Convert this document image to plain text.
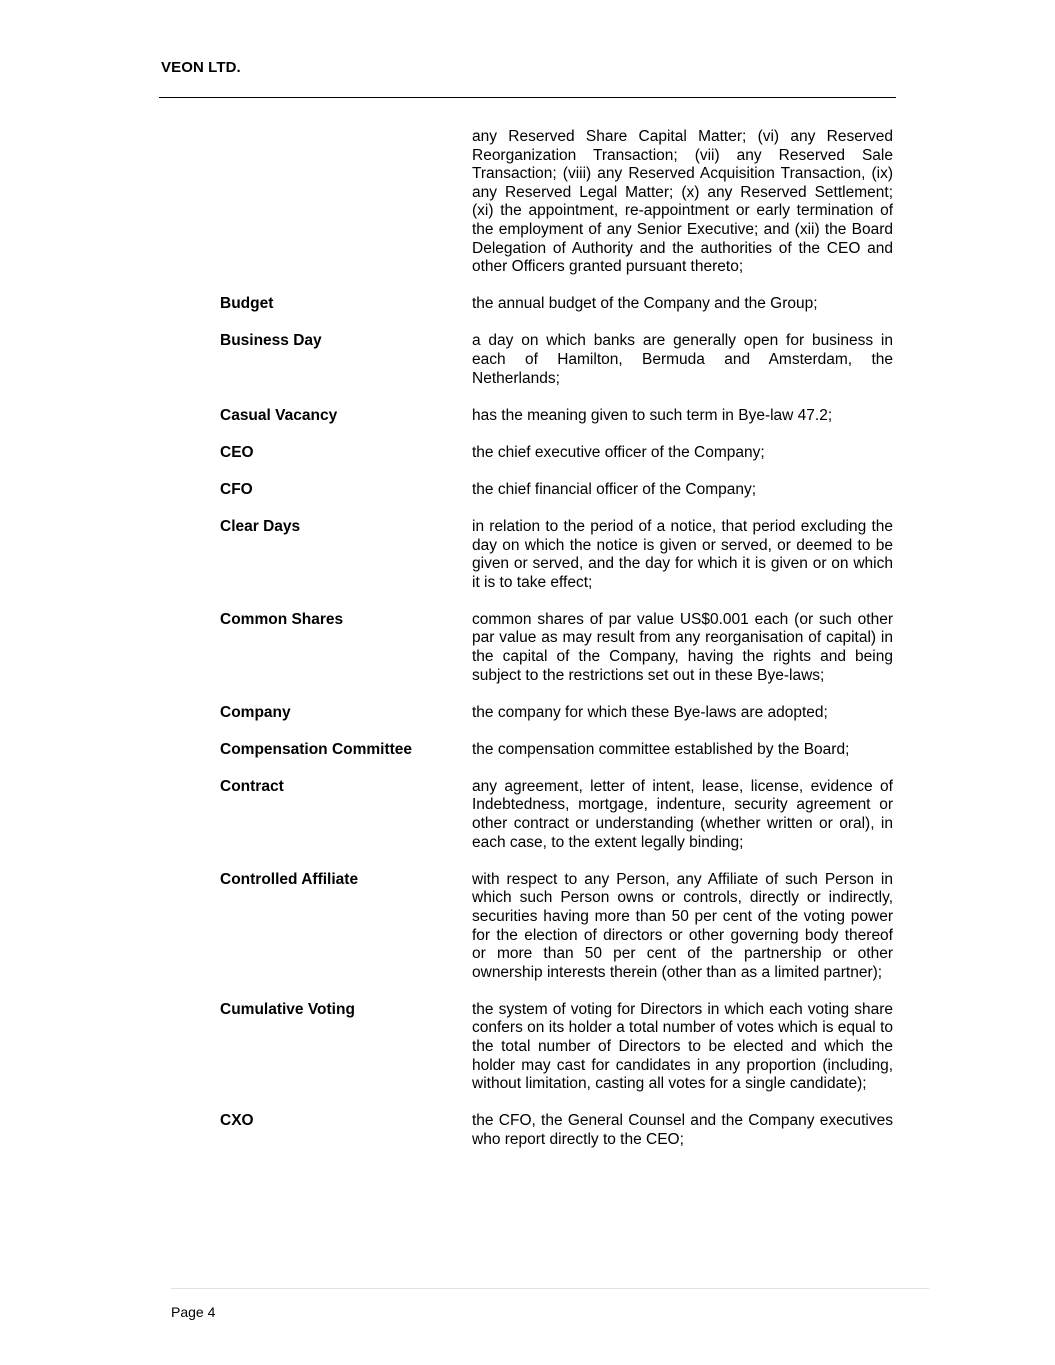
VEON LTD.
any Reserved Share Capital Matter; (vi) any Reserved Reorganization Transaction; (vii) any Reserved Sale Transaction; (viii) any Reserved Acquisition Transaction, (ix) any Reserved Legal Matter; (x) any Reserved Settlement; (xi) the appointment, re-appointment or early termination of the employment of any Senior Executive; and (xii) the Board Delegation of Authority and the authorities of the CEO and other Officers granted pursuant thereto;
Budget	the annual budget of the Company and the Group;
Business Day	a day on which banks are generally open for business in each of Hamilton, Bermuda and Amsterdam, the Netherlands;
Casual Vacancy	has the meaning given to such term in Bye-law 47.2;
CEO	the chief executive officer of the Company;
CFO	the chief financial officer of the Company;
Clear Days	in relation to the period of a notice, that period excluding the day on which the notice is given or served, or deemed to be given or served, and the day for which it is given or on which it is to take effect;
Common Shares	common shares of par value US$0.001 each (or such other par value as may result from any reorganisation of capital) in the capital of the Company, having the rights and being subject to the restrictions set out in these Bye-laws;
Company	the company for which these Bye-laws are adopted;
Compensation Committee	the compensation committee established by the Board;
Contract	any agreement, letter of intent, lease, license, evidence of Indebtedness, mortgage, indenture, security agreement or other contract or understanding (whether written or oral), in each case, to the extent legally binding;
Controlled Affiliate	with respect to any Person, any Affiliate of such Person in which such Person owns or controls, directly or indirectly, securities having more than 50 per cent of the voting power for the election of directors or other governing body thereof or more than 50 per cent of the partnership or other ownership interests therein (other than as a limited partner);
Cumulative Voting	the system of voting for Directors in which each voting share confers on its holder a total number of votes which is equal to the total number of Directors to be elected and which the holder may cast for candidates in any proportion (including, without limitation, casting all votes for a single candidate);
CXO	the CFO, the General Counsel and the Company executives who report directly to the CEO;
Page 4
